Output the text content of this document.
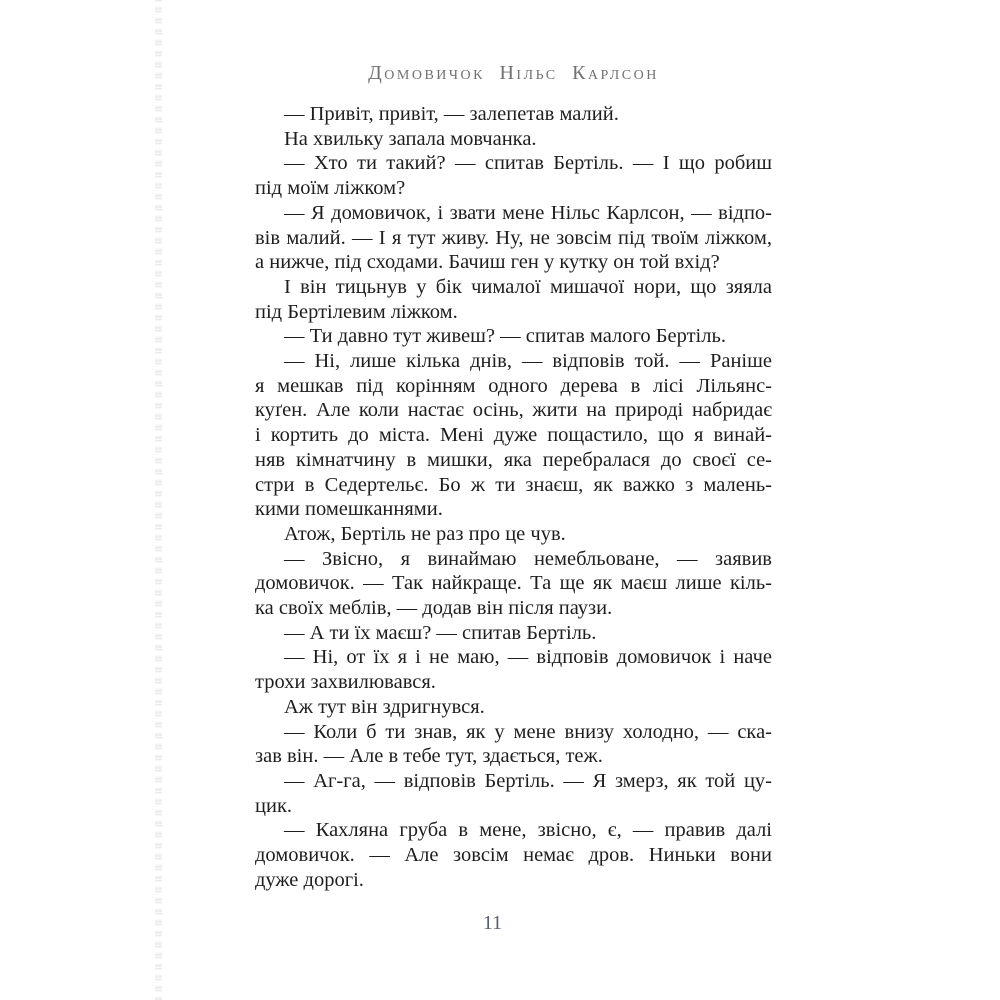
Домовичок Нільс Карлсон
— Привіт, привіт, — залепетав малий.
На хвильку запала мовчанка.
— Хто ти такий? — спитав Бертіль. — І що робиш
під моїм ліжком?
— Я домовичок, і звати мене Нільс Карлсон, — відпо-
вів малий. — І я тут живу. Ну, не зовсім під твоїм ліжком,
а нижче, під сходами. Бачиш ген у кутку он той вхід?
І він тицьнув у бік чималої мишачої нори, що зяяла
під Бертілевим ліжком.
— Ти давно тут живеш? — спитав малого Бертіль.
— Ні, лише кілька днів, — відповів той. — Раніше
я мешкав під корінням одного дерева в лісі Лільянс-
куґен. Але коли настає осінь, жити на природі набридає
і кортить до міста. Мені дуже пощастило, що я винай-
няв кімнатчину в мишки, яка перебралася до своєї се-
стри в Седертельє. Бо ж ти знаєш, як важко з малень-
кими помешканнями.
Атож, Бертіль не раз про це чув.
— Звісно, я винаймаю немебльоване, — заявив
домовичок. — Так найкраще. Та ще як маєш лише кіль-
ка своїх меблів, — додав він після паузи.
— А ти їх маєш? — спитав Бертіль.
— Ні, от їх я і не маю, — відповів домовичок і наче
трохи захвилювався.
Аж тут він здригнувся.
— Коли б ти знав, як у мене внизу холодно, — ска-
зав він. — Але в тебе тут, здається, теж.
— Аг-га, — відповів Бертіль. — Я змерз, як той цу-
цик.
— Кахляна груба в мене, звісно, є, — правив далі
домовичок. — Але зовсім немає дров. Ниньки вони
дуже дорогі.
11
